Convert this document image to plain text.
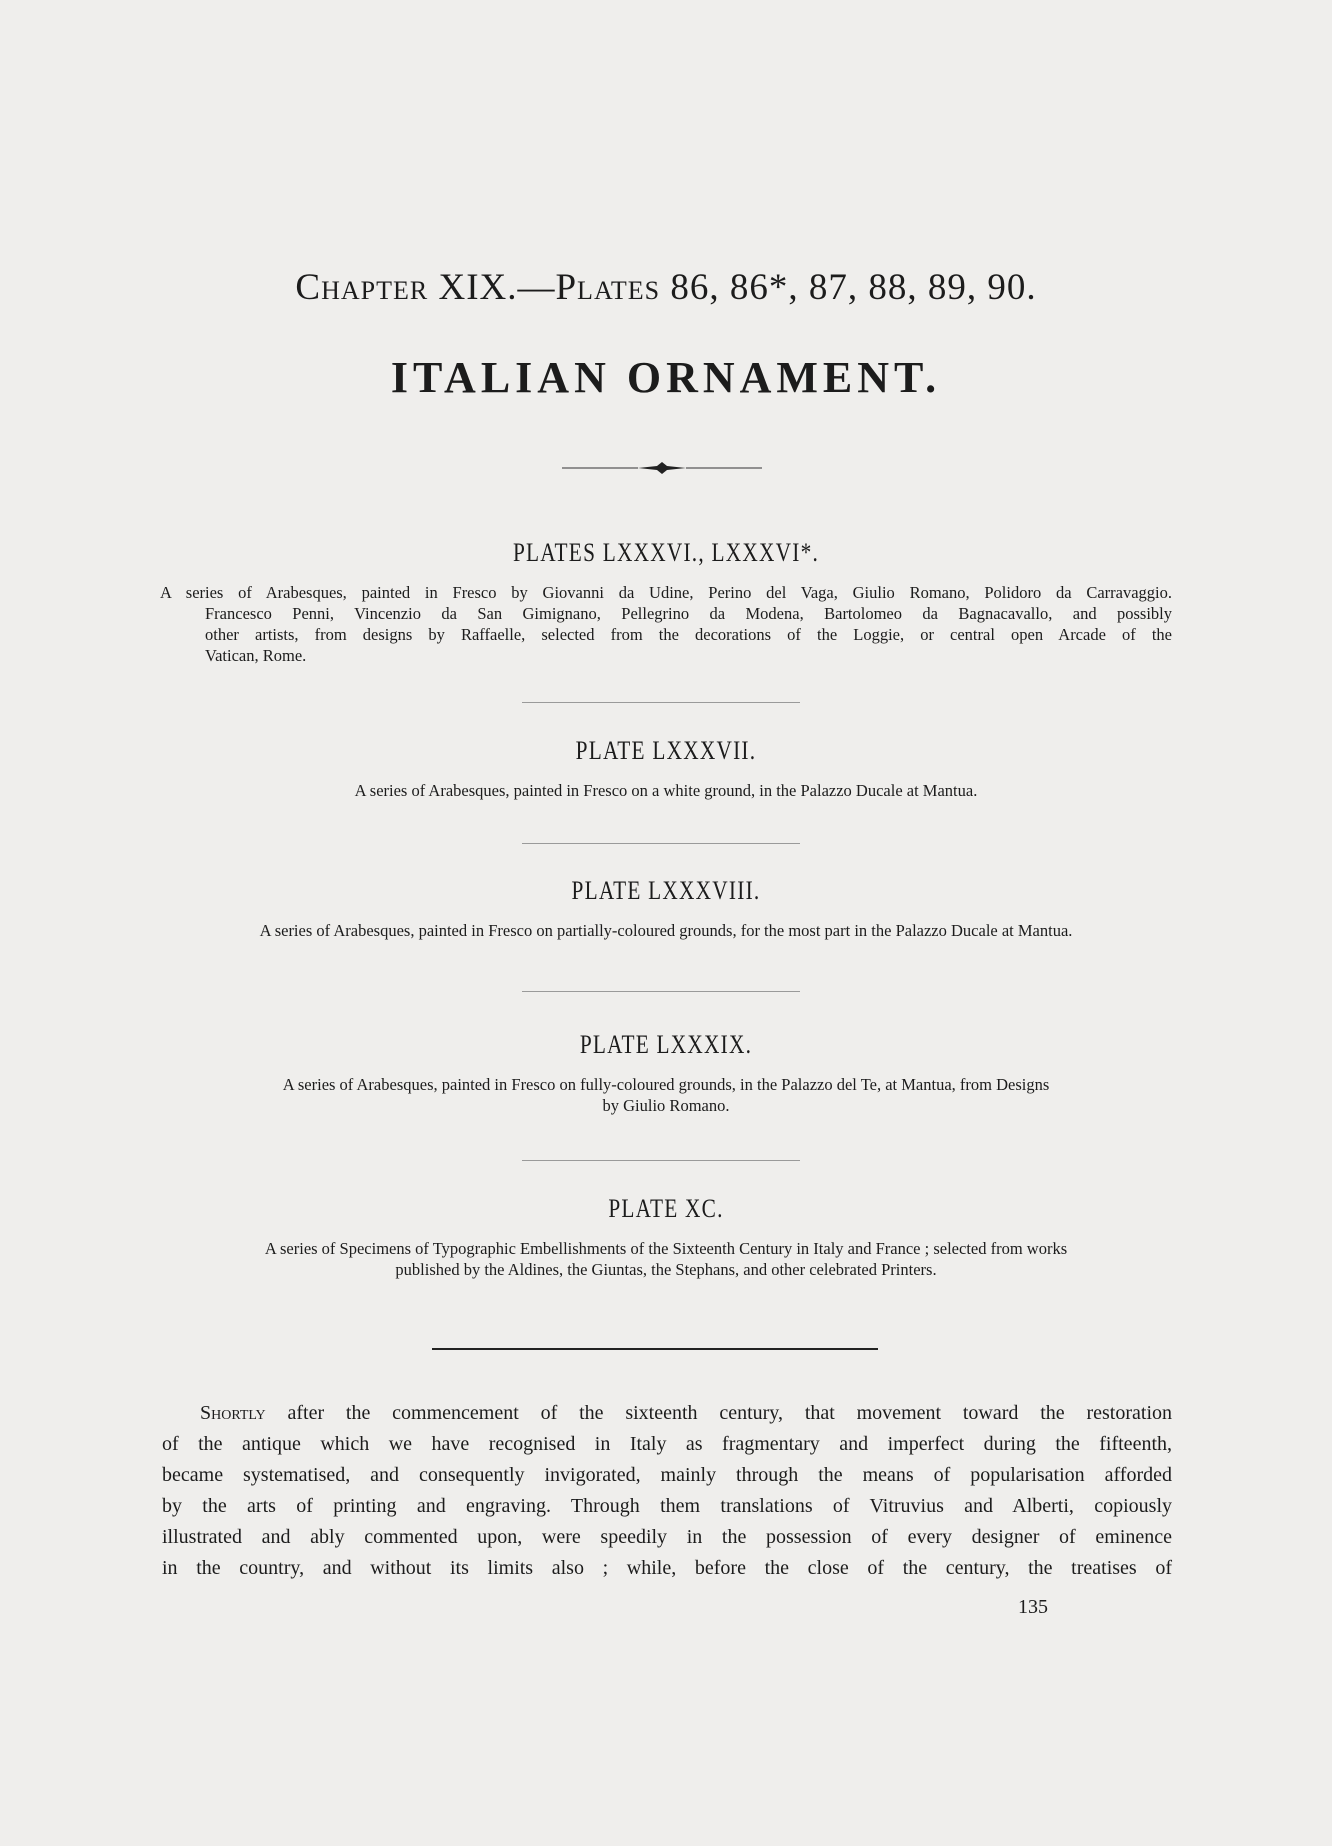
Chapter XIX.—Plates 86, 86*, 87, 88, 89, 90.
ITALIAN ORNAMENT.
PLATES LXXXVI., LXXXVI*.
A series of Arabesques, painted in Fresco by Giovanni da Udine, Perino del Vaga, Giulio Romano, Polidoro da Carravaggio.
Francesco Penni, Vincenzio da San Gimignano, Pellegrino da Modena, Bartolomeo da Bagnacavallo, and possibly
other artists, from designs by Raffaelle, selected from the decorations of the Loggie, or central open Arcade of the
Vatican, Rome.
PLATE LXXXVII.
A series of Arabesques, painted in Fresco on a white ground, in the Palazzo Ducale at Mantua.
PLATE LXXXVIII.
A series of Arabesques, painted in Fresco on partially-coloured grounds, for the most part in the Palazzo Ducale at Mantua.
PLATE LXXXIX.
A series of Arabesques, painted in Fresco on fully-coloured grounds, in the Palazzo del Te, at Mantua, from Designs
by Giulio Romano.
PLATE XC.
A series of Specimens of Typographic Embellishments of the Sixteenth Century in Italy and France ; selected from works
published by the Aldines, the Giuntas, the Stephans, and other celebrated Printers.
Shortly after the commencement of the sixteenth century, that movement toward the restoration
of the antique which we have recognised in Italy as fragmentary and imperfect during the fifteenth,
became systematised, and consequently invigorated, mainly through the means of popularisation afforded
by the arts of printing and engraving. Through them translations of Vitruvius and Alberti, copiously
illustrated and ably commented upon, were speedily in the possession of every designer of eminence
in the country, and without its limits also ; while, before the close of the century, the treatises of
135
